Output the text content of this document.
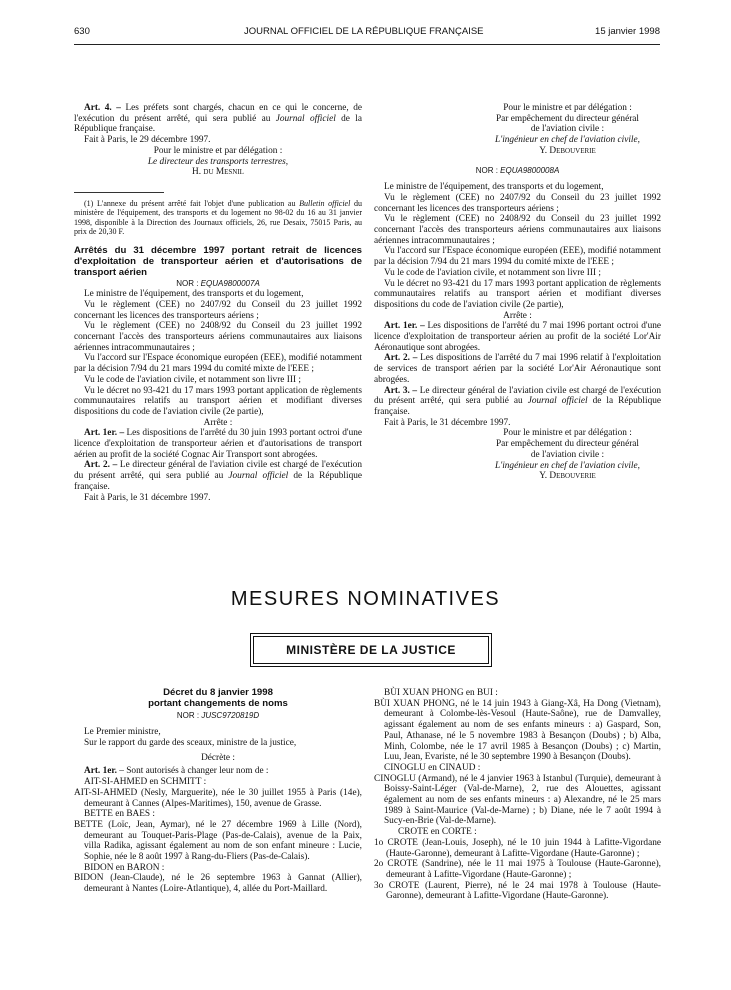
630	JOURNAL OFFICIEL DE LA RÉPUBLIQUE FRANÇAISE	15 janvier 1998

Art. 4. – Les préfets sont chargés, chacun en ce qui le concerne, de l'exécution du présent arrêté, qui sera publié au Journal officiel de la République française.

Fait à Paris, le 29 décembre 1997.

Pour le ministre et par délégation :

Le directeur des transports terrestres,

H. du Mesnil

(1) L'annexe du présent arrêté fait l'objet d'une publication au Bulletin officiel du ministère de l'équipement, des transports et du logement no 98-02 du 16 au 31 janvier 1998, disponible à la Direction des Journaux officiels, 26, rue Desaix, 75015 Paris, au prix de 20,30 F.

Arrêtés du 31 décembre 1997 portant retrait de licences d'exploitation de transporteur aérien et d'autorisations de transport aérien

NOR : EQUA9800007A

Le ministre de l'équipement, des transports et du logement,

Vu le règlement (CEE) no 2407/92 du Conseil du 23 juillet 1992 concernant les licences des transporteurs aériens ;

Vu le règlement (CEE) no 2408/92 du Conseil du 23 juillet 1992 concernant l'accès des transporteurs aériens communautaires aux liaisons aériennes intracommunautaires ;

Vu l'accord sur l'Espace économique européen (EEE), modifié notamment par la décision 7/94 du 21 mars 1994 du comité mixte de l'EEE ;

Vu le code de l'aviation civile, et notamment son livre III ;

Vu le décret no 93-421 du 17 mars 1993 portant application de règlements communautaires relatifs au transport aérien et modifiant diverses dispositions du code de l'aviation civile (2e partie),

Arrête :

Art. 1er. – Les dispositions de l'arrêté du 30 juin 1993 portant octroi d'une licence d'exploitation de transporteur aérien et d'autorisations de transport aérien au profit de la société Cognac Air Transport sont abrogées.

Art. 2. – Le directeur général de l'aviation civile est chargé de l'exécution du présent arrêté, qui sera publié au Journal officiel de la République française.

Fait à Paris, le 31 décembre 1997.

Pour le ministre et par délégation :

Par empêchement du directeur général

de l'aviation civile :

L'ingénieur en chef de l'aviation civile,

Y. Debouverie

NOR : EQUA9800008A

Le ministre de l'équipement, des transports et du logement,

Vu le règlement (CEE) no 2407/92 du Conseil du 23 juillet 1992 concernant les licences des transporteurs aériens ;

Vu le règlement (CEE) no 2408/92 du Conseil du 23 juillet 1992 concernant l'accès des transporteurs aériens communautaires aux liaisons aériennes intracommunautaires ;

Vu l'accord sur l'Espace économique européen (EEE), modifié notamment par la décision 7/94 du 21 mars 1994 du comité mixte de l'EEE ;

Vu le code de l'aviation civile, et notamment son livre III ;

Vu le décret no 93-421 du 17 mars 1993 portant application de règlements communautaires relatifs au transport aérien et modifiant diverses dispositions du code de l'aviation civile (2e partie),

Arrête :

Art. 1er. – Les dispositions de l'arrêté du 7 mai 1996 portant octroi d'une licence d'exploitation de transporteur aérien au profit de la société Lor'Air Aéronautique sont abrogées.

Art. 2. – Les dispositions de l'arrêté du 7 mai 1996 relatif à l'exploitation de services de transport aérien par la société Lor'Air Aéronautique sont abrogées.

Art. 3. – Le directeur général de l'aviation civile est chargé de l'exécution du présent arrêté, qui sera publié au Journal officiel de la République française.

Fait à Paris, le 31 décembre 1997.

Pour le ministre et par délégation :

Par empêchement du directeur général

de l'aviation civile :

L'ingénieur en chef de l'aviation civile,

Y. Debouverie

MESURES NOMINATIVES
MINISTÈRE DE LA JUSTICE

Décret du 8 janvier 1998

portant changements de noms

NOR : JUSC9720819D

Le Premier ministre,

Sur le rapport du garde des sceaux, ministre de la justice,

Décrète :

Art. 1er. – Sont autorisés à changer leur nom de :

AIT-SI-AHMED en SCHMITT :

AIT-SI-AHMED (Nesly, Marguerite), née le 30 juillet 1955 à Paris (14e), demeurant à Cannes (Alpes-Maritimes), 150, avenue de Grasse.

BETTE en BAES :

BETTE (Loïc, Jean, Aymar), né le 27 décembre 1969 à Lille (Nord), demeurant au Touquet-Paris-Plage (Pas-de-Calais), avenue de la Paix, villa Radika, agissant également au nom de son enfant mineure : Lucie, Sophie, née le 8 août 1997 à Rang-du-Fliers (Pas-de-Calais).

BIDON en BARON :

BIDON (Jean-Claude), né le 26 septembre 1963 à Gannat (Allier), demeurant à Nantes (Loire-Atlantique), 4, allée du Port-Maillard.

BÙI XUAN PHONG en BUI :

BÙI XUAN PHONG, né le 14 juin 1943 à Giang-Xâ, Ha Dong (Vietnam), demeurant à Colombe-lès-Vesoul (Haute-Saône), rue de Damvalley, agissant également au nom de ses enfants mineurs : a) Gaspard, Son, Paul, Athanase, né le 5 novembre 1983 à Besançon (Doubs) ; b) Alba, Minh, Colombe, née le 17 avril 1985 à Besançon (Doubs) ; c) Martin, Luu, Jean, Evariste, né le 30 septembre 1990 à Besançon (Doubs).

CINOGLU en CINAUD :

CINOGLU (Armand), né le 4 janvier 1963 à Istanbul (Turquie), demeurant à Boissy-Saint-Léger (Val-de-Marne), 2, rue des Alouettes, agissant également au nom de ses enfants mineurs : a) Alexandre, né le 25 mars 1989 à Saint-Maurice (Val-de-Marne) ; b) Diane, née le 7 août 1994 à Sucy-en-Brie (Val-de-Marne).

CROTE en CORTE :

1o CROTE (Jean-Louis, Joseph), né le 10 juin 1944 à Lafitte-Vigordane (Haute-Garonne), demeurant à Lafitte-Vigordane (Haute-Garonne) ;

2o CROTE (Sandrine), née le 11 mai 1975 à Toulouse (Haute-Garonne), demeurant à Lafitte-Vigordane (Haute-Garonne) ;

3o CROTE (Laurent, Pierre), né le 24 mai 1978 à Toulouse (Haute-Garonne), demeurant à Lafitte-Vigordane (Haute-Garonne).
